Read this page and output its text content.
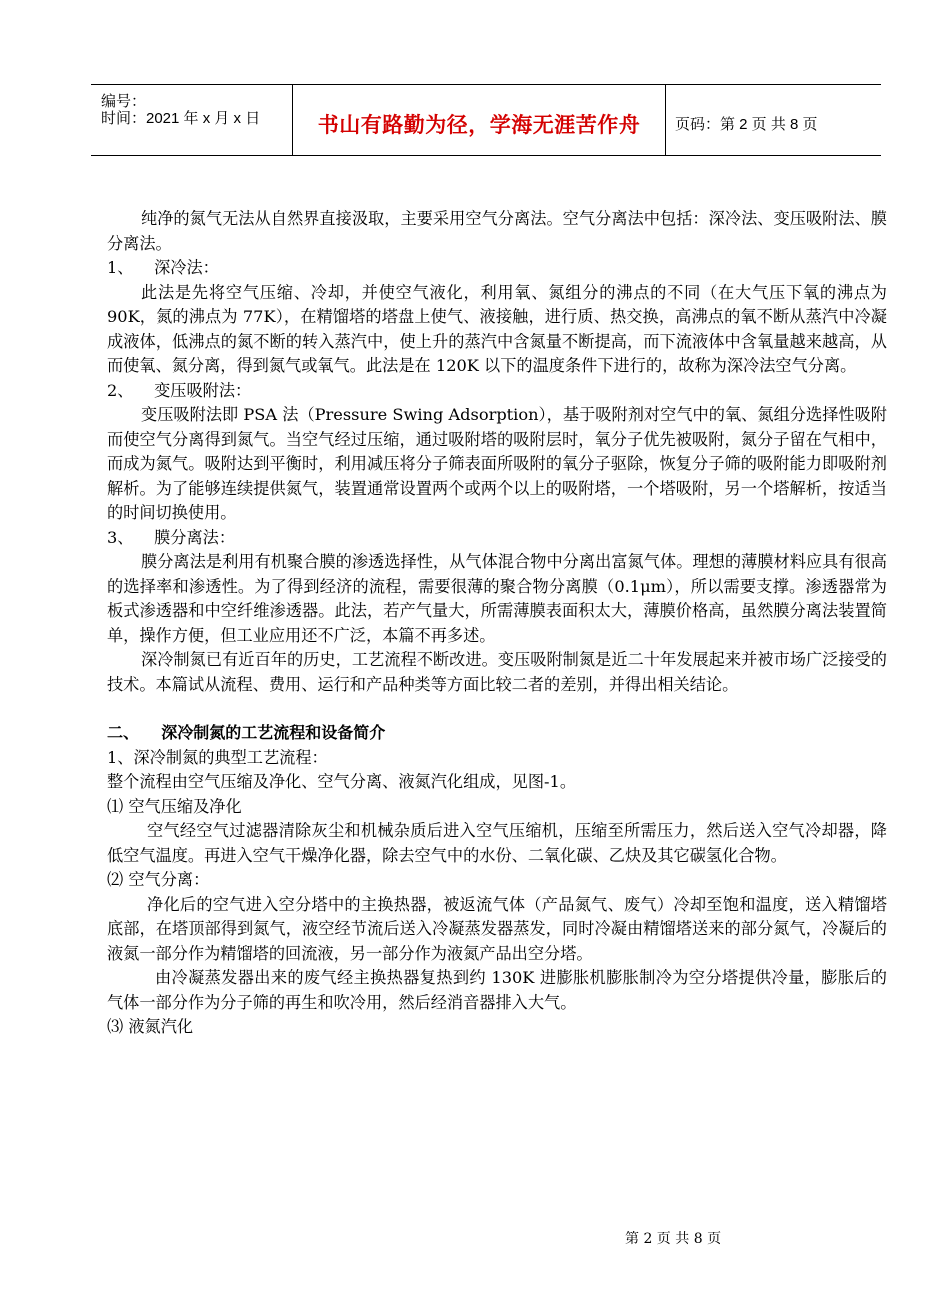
编号：
时间：2021 年 x 月 x 日	书山有路勤为径，学海无涯苦作舟	页码：第 2 页 共 8 页

纯净的氮气无法从自然界直接汲取，主要采用空气分离法。空气分离法中包括：深冷法、变压吸附法、膜分离法。

1、    深冷法：

此法是先将空气压缩、冷却，并使空气液化，利用氧、氮组分的沸点的不同（在大气压下氧的沸点为 90K，氮的沸点为 77K），在精馏塔的塔盘上使气、液接触，进行质、热交换，高沸点的氧不断从蒸汽中冷凝成液体，低沸点的氮不断的转入蒸汽中，使上升的蒸汽中含氮量不断提高，而下流液体中含氧量越来越高，从而使氧、氮分离，得到氮气或氧气。此法是在 120K 以下的温度条件下进行的，故称为深冷法空气分离。

2、    变压吸附法：

变压吸附法即 PSA 法（Pressure Swing Adsorption），基于吸附剂对空气中的氧、氮组分选择性吸附而使空气分离得到氮气。当空气经过压缩，通过吸附塔的吸附层时，氧分子优先被吸附，氮分子留在气相中，而成为氮气。吸附达到平衡时，利用减压将分子筛表面所吸附的氧分子驱除，恢复分子筛的吸附能力即吸附剂解析。为了能够连续提供氮气，装置通常设置两个或两个以上的吸附塔，一个塔吸附，另一个塔解析，按适当的时间切换使用。

3、    膜分离法：

膜分离法是利用有机聚合膜的渗透选择性，从气体混合物中分离出富氮气体。理想的薄膜材料应具有很高的选择率和渗透性。为了得到经济的流程，需要很薄的聚合物分离膜（0.1μm），所以需要支撑。渗透器常为板式渗透器和中空纤维渗透器。此法，若产气量大，所需薄膜表面积太大，薄膜价格高，虽然膜分离法装置简单，操作方便，但工业应用还不广泛，本篇不再多述。

深冷制氮已有近百年的历史，工艺流程不断改进。变压吸附制氮是近二十年发展起来并被市场广泛接受的技术。本篇试从流程、费用、运行和产品种类等方面比较二者的差别，并得出相关结论。

二、    深冷制氮的工艺流程和设备简介

1、深冷制氮的典型工艺流程：

整个流程由空气压缩及净化、空气分离、液氮汽化组成，见图-1。

⑴ 空气压缩及净化

空气经空气过滤器清除灰尘和机械杂质后进入空气压缩机，压缩至所需压力，然后送入空气冷却器，降低空气温度。再进入空气干燥净化器，除去空气中的水份、二氧化碳、乙炔及其它碳氢化合物。

⑵ 空气分离：

净化后的空气进入空分塔中的主换热器，被返流气体（产品氮气、废气）冷却至饱和温度，送入精馏塔底部，在塔顶部得到氮气，液空经节流后送入冷凝蒸发器蒸发，同时冷凝由精馏塔送来的部分氮气，冷凝后的液氮一部分作为精馏塔的回流液，另一部分作为液氮产品出空分塔。

由冷凝蒸发器出来的废气经主换热器复热到约 130K 进膨胀机膨胀制冷为空分塔提供冷量，膨胀后的气体一部分作为分子筛的再生和吹冷用，然后经消音器排入大气。

⑶ 液氮汽化

第 2 页 共 8 页
